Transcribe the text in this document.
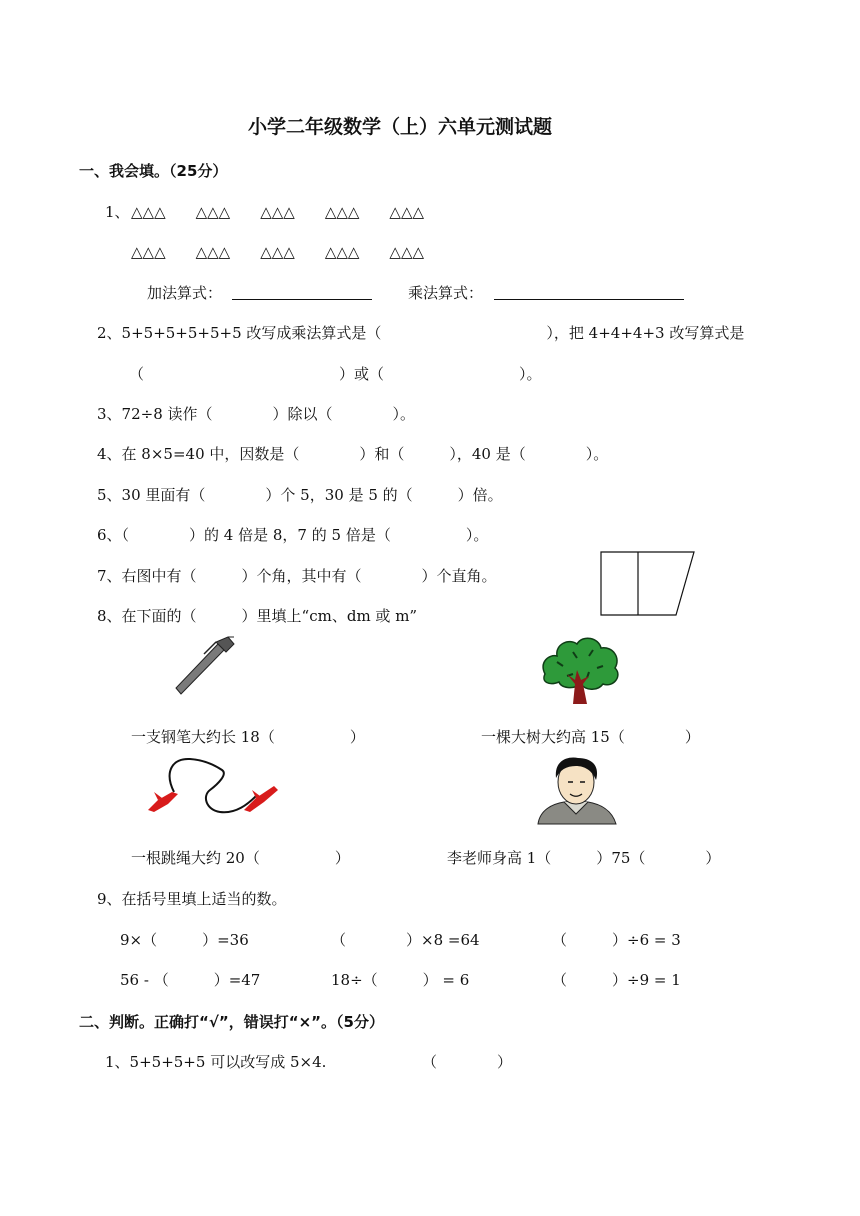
小学二年级数学（上）六单元测试题
一、我会填。（25分）
1、 △△△　　△△△　　△△△　　△△△　　△△△
△△△　　△△△　　△△△　　△△△　　△△△
加法算式：	乘法算式：
2、5+5+5+5+5+5 改写成乘法算式是（　　　　　　　　　　　），把 4+4+4+3 改写算式是
（　　　　　　　　　　　　　）或（　　　　　　　　　）。
3、72÷8 读作（　　　　）除以（　　　　）。
4、在 8×5=40 中，因数是（　　　　）和（　　　），40 是（　　　　）。
5、30 里面有（　　　　）个 5，30 是 5 的（　　　）倍。
6、（　　　　）的 4 倍是 8，7 的 5 倍是（　　　　　）。
7、右图中有（　　　）个角，其中有（　　　　）个直角。
8、在下面的（　　　）里填上“cm、dm 或 m”
一支钢笔大约长 18（　　　　　）	一棵大树大约高 15（　　　　）
一根跳绳大约 20（　　　　　）	李老师身高 1（　　　）75（　　　　）
9、在括号里填上适当的数。
9×（　　　）=36	（　　　　）×8 =64	（　　　）÷6 = 3
56 - （　　　）=47	18÷（　　　） = 6	（　　　）÷9 = 1
二、判断。正确打“√”，错误打“×”。（5分）
1、5+5+5+5 可以改写成 5×4.	（　　　　）
